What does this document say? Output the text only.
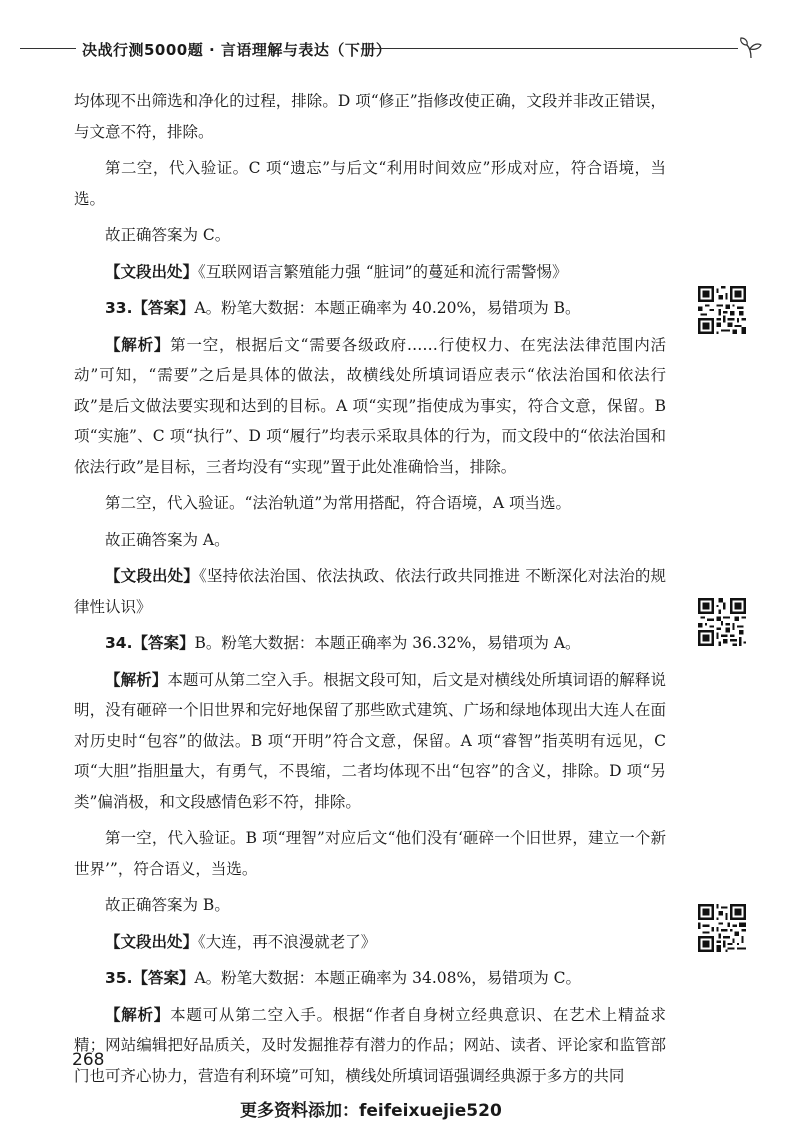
决战行测5000题 · 言语理解与表达（下册）

均体现不出筛选和净化的过程，排除。D 项“修正”指修改使正确，文段并非改正错误，与文意不符，排除。

第二空，代入验证。C 项“遗忘”与后文“利用时间效应”形成对应，符合语境，当选。

故正确答案为 C。

【文段出处】《互联网语言繁殖能力强 “脏词”的蔓延和流行需警惕》

33.【答案】A。粉笔大数据：本题正确率为 40.20%，易错项为 B。

【解析】第一空，根据后文“需要各级政府……行使权力、在宪法法律范围内活动”可知，“需要”之后是具体的做法，故横线处所填词语应表示“依法治国和依法行政”是后文做法要实现和达到的目标。A 项“实现”指使成为事实，符合文意，保留。B 项“实施”、C 项“执行”、D 项“履行”均表示采取具体的行为，而文段中的“依法治国和依法行政”是目标，三者均没有“实现”置于此处准确恰当，排除。

第二空，代入验证。“法治轨道”为常用搭配，符合语境，A 项当选。

故正确答案为 A。

【文段出处】《坚持依法治国、依法执政、依法行政共同推进 不断深化对法治的规律性认识》

34.【答案】B。粉笔大数据：本题正确率为 36.32%，易错项为 A。

【解析】本题可从第二空入手。根据文段可知，后文是对横线处所填词语的解释说明，没有砸碎一个旧世界和完好地保留了那些欧式建筑、广场和绿地体现出大连人在面对历史时“包容”的做法。B 项“开明”符合文意，保留。A 项“睿智”指英明有远见，C 项“大胆”指胆量大，有勇气，不畏缩，二者均体现不出“包容”的含义，排除。D 项“另类”偏消极，和文段感情色彩不符，排除。

第一空，代入验证。B 项“理智”对应后文“他们没有‘砸碎一个旧世界，建立一个新世界’”，符合语义，当选。

故正确答案为 B。

【文段出处】《大连，再不浪漫就老了》

35.【答案】A。粉笔大数据：本题正确率为 34.08%，易错项为 C。

【解析】本题可从第二空入手。根据“作者自身树立经典意识、在艺术上精益求精；网站编辑把好品质关，及时发掘推荐有潜力的作品；网站、读者、评论家和监管部门也可齐心协力，营造有利环境”可知，横线处所填词语强调经典源于多方的共同

268
更多资料添加：feifeixuejie520
